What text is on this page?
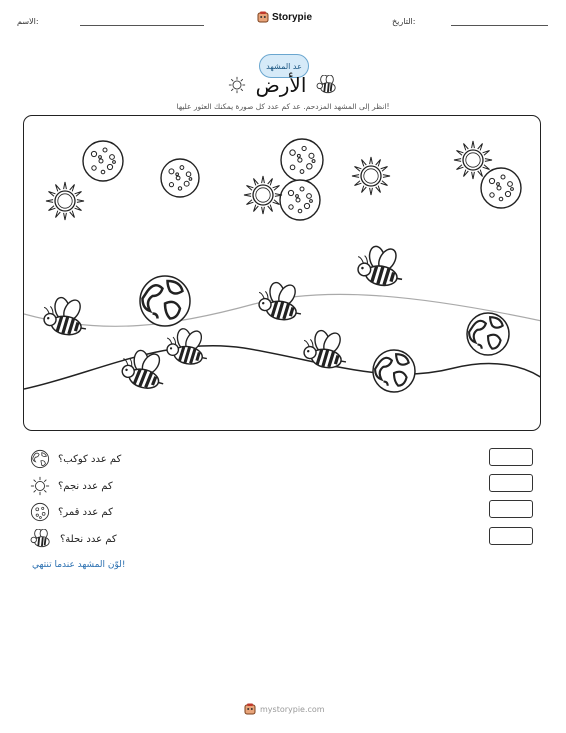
الاسم:	Storypie	التاريخ:
عد المشهد
الأرض
انظر إلى المشهد المزدحم. عد كم عدد كل صورة يمكنك العثور عليها!
كم عدد كوكب؟
كم عدد نجم؟
كم عدد قمر؟
كم عدد نحلة؟
لوّن المشهد عندما تنتهي!
mystorypie.com
